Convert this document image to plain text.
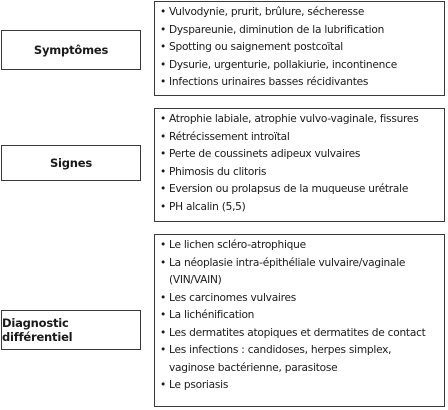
Symptômes
• Vulvodynie, prurit, brûlure, sécheresse
• Dyspareunie, diminution de la lubrification
• Spotting ou saignement postcoïtal
• Dysurie, urgenturie, pollakiurie, incontinence
• Infections urinaires basses récidivantes
Signes
• Atrophie labiale, atrophie vulvo-vaginale, fissures
• Rétrécissement introïtal
• Perte de coussinets adipeux vulvaires
• Phimosis du clitoris
• Eversion ou prolapsus de la muqueuse urétrale
• PH alcalin (5,5)
Diagnostic différentiel
• Le lichen scléro-atrophique
• La néoplasie intra-épithéliale vulvaire/vaginale
(VIN/VAIN)
• Les carcinomes vulvaires
• La lichénification
• Les dermatites atopiques et dermatites de contact
• Les infections : candidoses, herpes simplex,
vaginose bactérienne, parasitose
• Le psoriasis
